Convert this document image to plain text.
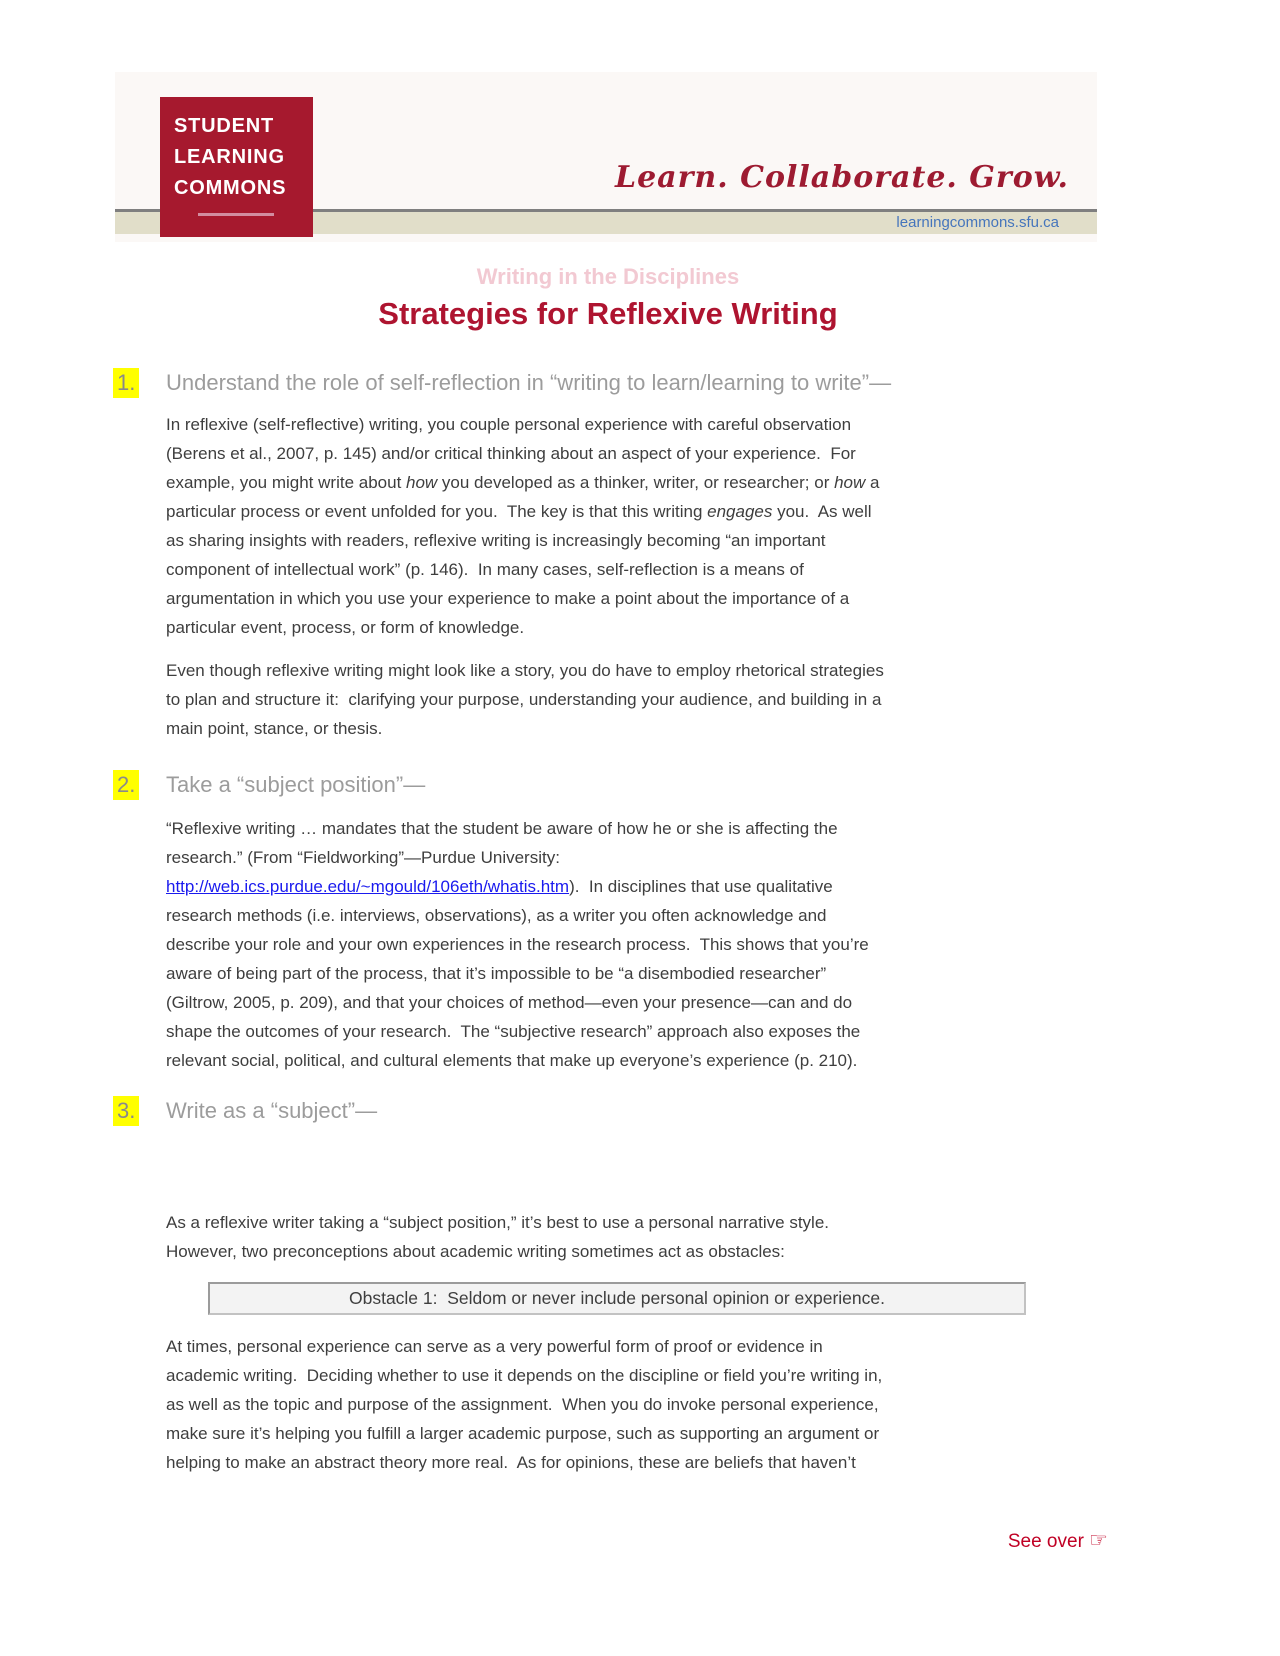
STUDENT
LEARNING
COMMONS	Learn. Collaborate. Grow.
learningcommons.sfu.ca
Writing in the Disciplines
Strategies for Reflexive Writing
1. Understand the role of self-reflection in “writing to learn/learning to write”—
In reflexive (self-reflective) writing, you couple personal experience with careful observation
(Berens et al., 2007, p. 145) and/or critical thinking about an aspect of your experience.  For
example, you might write about how you developed as a thinker, writer, or researcher; or how a
particular process or event unfolded for you.  The key is that this writing engages you.  As well
as sharing insights with readers, reflexive writing is increasingly becoming “an important
component of intellectual work” (p. 146).  In many cases, self-reflection is a means of
argumentation in which you use your experience to make a point about the importance of a
particular event, process, or form of knowledge.
Even though reflexive writing might look like a story, you do have to employ rhetorical strategies
to plan and structure it:  clarifying your purpose, understanding your audience, and building in a
main point, stance, or thesis.
2. Take a “subject position”—
“Reflexive writing … mandates that the student be aware of how he or she is affecting the
research.” (From “Fieldworking”—Purdue University:
http://web.ics.purdue.edu/~mgould/106eth/whatis.htm).  In disciplines that use qualitative
research methods (i.e. interviews, observations), as a writer you often acknowledge and
describe your role and your own experiences in the research process.  This shows that you’re
aware of being part of the process, that it’s impossible to be “a disembodied researcher”
(Giltrow, 2005, p. 209), and that your choices of method—even your presence—can and do
shape the outcomes of your research.  The “subjective research” approach also exposes the
relevant social, political, and cultural elements that make up everyone’s experience (p. 210).
3. Write as a “subject”—
As a reflexive writer taking a “subject position,” it’s best to use a personal narrative style.
However, two preconceptions about academic writing sometimes act as obstacles:
Obstacle 1:  Seldom or never include personal opinion or experience.
At times, personal experience can serve as a very powerful form of proof or evidence in
academic writing.  Deciding whether to use it depends on the discipline or field you’re writing in,
as well as the topic and purpose of the assignment.  When you do invoke personal experience,
make sure it’s helping you fulfill a larger academic purpose, such as supporting an argument or
helping to make an abstract theory more real.  As for opinions, these are beliefs that haven’t
See over ☞
